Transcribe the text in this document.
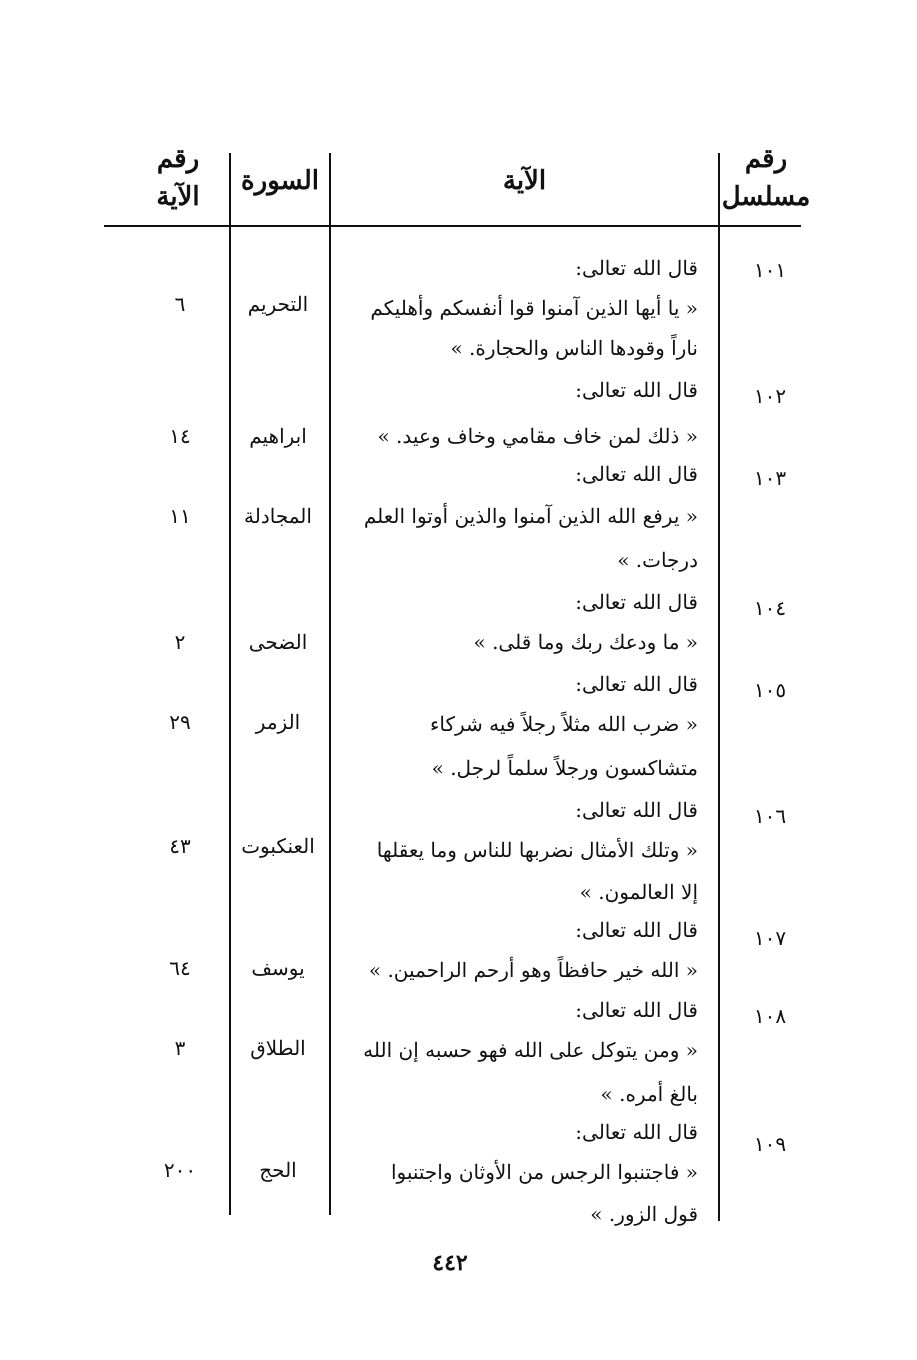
رقم
مسلسل
الآية
السورة
رقم
الآية
١٠١
قال الله تعالى:
« يا أيها الذين آمنوا قوا أنفسكم وأهليكم
ناراً وقودها الناس والحجارة. »
التحريم
٦
١٠٢
قال الله تعالى:
« ذلك لمن خاف مقامي وخاف وعيد. »
ابراهيم
١٤
١٠٣
قال الله تعالى:
« يرفع الله الذين آمنوا والذين أوتوا العلم
درجات. »
المجادلة
١١
١٠٤
قال الله تعالى:
« ما ودعك ربك وما قلى. »
الضحى
٢
١٠٥
قال الله تعالى:
« ضرب الله مثلاً رجلاً فيه شركاء
متشاكسون ورجلاً سلماً لرجل. »
الزمر
٢٩
١٠٦
قال الله تعالى:
« وتلك الأمثال نضربها للناس وما يعقلها
إلا العالمون. »
العنكبوت
٤٣
١٠٧
قال الله تعالى:
« الله خير حافظاً وهو أرحم الراحمين. »
يوسف
٦٤
١٠٨
قال الله تعالى:
« ومن يتوكل على الله فهو حسبه إن الله
بالغ أمره. »
الطلاق
٣
١٠٩
قال الله تعالى:
« فاجتنبوا الرجس من الأوثان واجتنبوا
قول الزور. »
الحج
٢٠٠
٤٤٢
